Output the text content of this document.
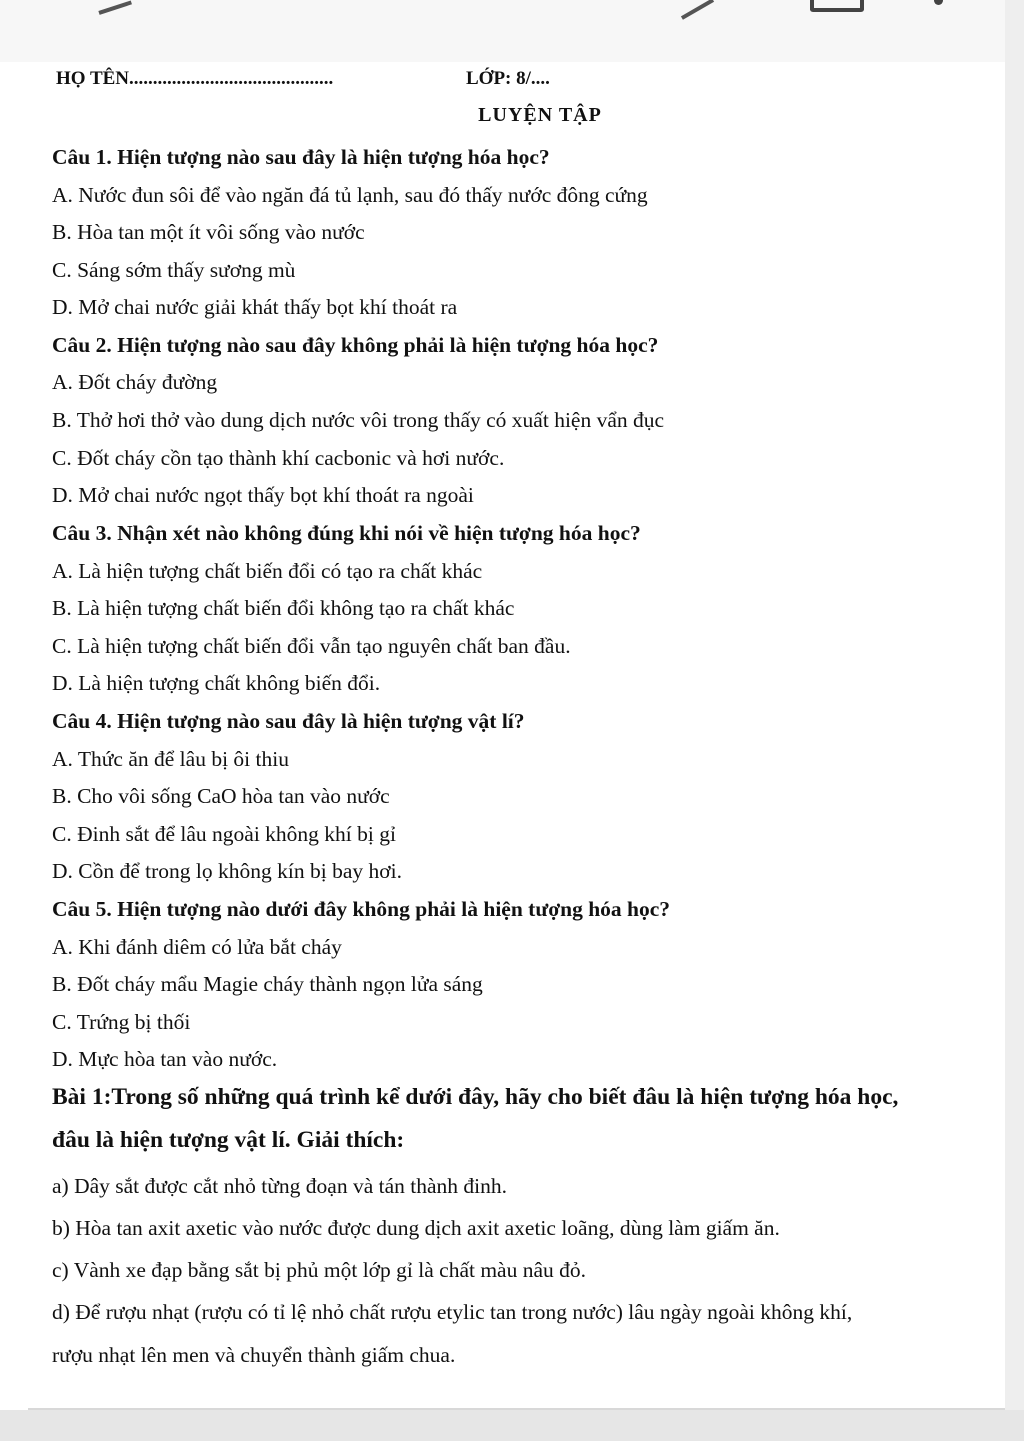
HỌ TÊN...........................................	LỚP: 8/....
LUYỆN TẬP
Câu 1. Hiện tượng nào sau đây là hiện tượng hóa học?
A. Nước đun sôi để vào ngăn đá tủ lạnh, sau đó thấy nước đông cứng
B. Hòa tan một ít vôi sống vào nước
C. Sáng sớm thấy sương mù
D. Mở chai nước giải khát thấy bọt khí thoát ra
Câu 2. Hiện tượng nào sau đây không phải là hiện tượng hóa học?
A. Đốt cháy đường
B. Thở hơi thở vào dung dịch nước vôi trong thấy có xuất hiện vẩn đục
C. Đốt cháy cồn tạo thành khí cacbonic và hơi nước.
D. Mở chai nước ngọt thấy bọt khí thoát ra ngoài
Câu 3. Nhận xét nào không đúng khi nói về hiện tượng hóa học?
A. Là hiện tượng chất biến đổi có tạo ra chất khác
B. Là hiện tượng chất biến đổi không tạo ra chất khác
C. Là hiện tượng chất biến đổi vẫn tạo nguyên chất ban đầu.
D. Là hiện tượng chất không biến đổi.
Câu 4. Hiện tượng nào sau đây là hiện tượng vật lí?
A. Thức ăn để lâu bị ôi thiu
B. Cho vôi sống CaO hòa tan vào nước
C. Đinh sắt để lâu ngoài không khí bị gỉ
D. Cồn để trong lọ không kín bị bay hơi.
Câu 5. Hiện tượng nào dưới đây không phải là hiện tượng hóa học?
A. Khi đánh diêm có lửa bắt cháy
B. Đốt cháy mẩu Magie cháy thành ngọn lửa sáng
C. Trứng bị thối
D. Mực hòa tan vào nước.
Bài 1:Trong số những quá trình kể dưới đây, hãy cho biết đâu là hiện tượng hóa học,
đâu là hiện tượng vật lí. Giải thích:
a) Dây sắt được cắt nhỏ từng đoạn và tán thành đinh.
b) Hòa tan axit axetic vào nước được dung dịch axit axetic loãng, dùng làm giấm ăn.
c) Vành xe đạp bằng sắt bị phủ một lớp gỉ là chất màu nâu đỏ.
d) Để rượu nhạt (rượu có tỉ lệ nhỏ chất rượu etylic tan trong nước) lâu ngày ngoài không khí,
rượu nhạt lên men và chuyển thành giấm chua.
